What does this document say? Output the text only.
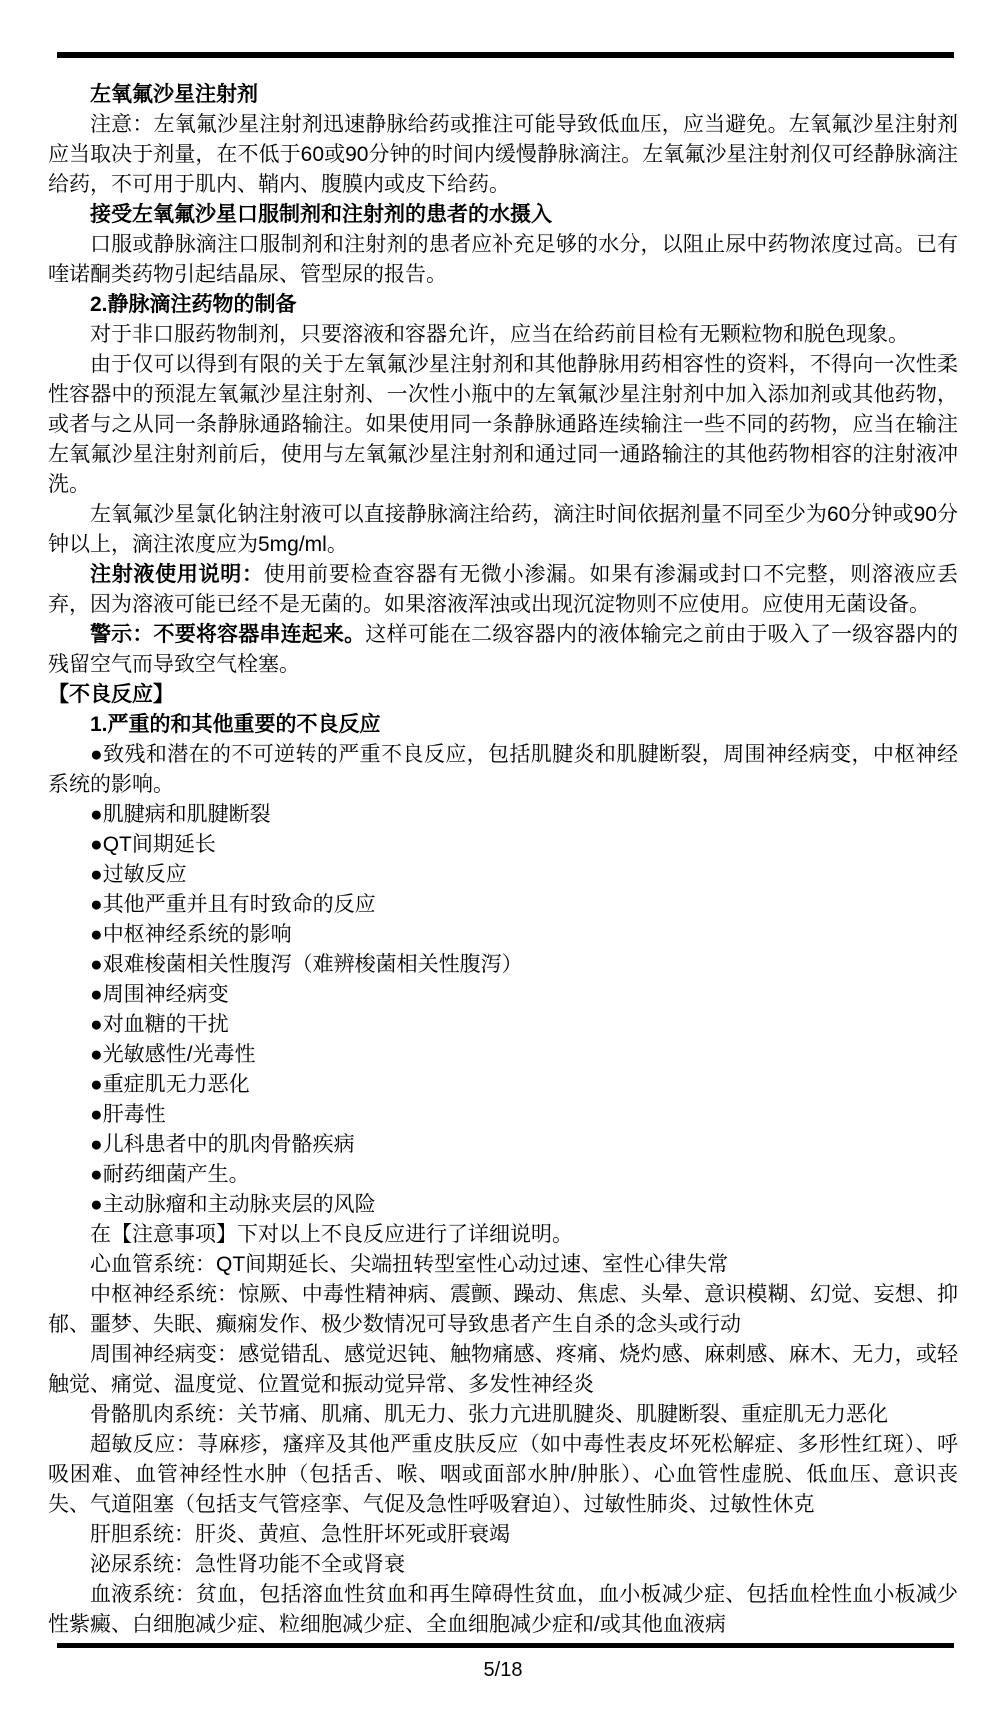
左氧氟沙星注射剂

注意：左氧氟沙星注射剂迅速静脉给药或推注可能导致低血压，应当避免。左氧氟沙星注射剂应当取决于剂量，在不低于60或90分钟的时间内缓慢静脉滴注。左氧氟沙星注射剂仅可经静脉滴注给药，不可用于肌内、鞘内、腹膜内或皮下给药。

接受左氧氟沙星口服制剂和注射剂的患者的水摄入

口服或静脉滴注口服制剂和注射剂的患者应补充足够的水分，以阻止尿中药物浓度过高。已有喹诺酮类药物引起结晶尿、管型尿的报告。

2.静脉滴注药物的制备

对于非口服药物制剂，只要溶液和容器允许，应当在给药前目检有无颗粒物和脱色现象。

由于仅可以得到有限的关于左氧氟沙星注射剂和其他静脉用药相容性的资料，不得向一次性柔性容器中的预混左氧氟沙星注射剂、一次性小瓶中的左氧氟沙星注射剂中加入添加剂或其他药物，或者与之从同一条静脉通路输注。如果使用同一条静脉通路连续输注一些不同的药物，应当在输注左氧氟沙星注射剂前后，使用与左氧氟沙星注射剂和通过同一通路输注的其他药物相容的注射液冲洗。

左氧氟沙星氯化钠注射液可以直接静脉滴注给药，滴注时间依据剂量不同至少为60分钟或90分钟以上，滴注浓度应为5mg/ml。

注射液使用说明：使用前要检查容器有无微小渗漏。如果有渗漏或封口不完整，则溶液应丢弃，因为溶液可能已经不是无菌的。如果溶液浑浊或出现沉淀物则不应使用。应使用无菌设备。

警示：不要将容器串连起来。这样可能在二级容器内的液体输完之前由于吸入了一级容器内的残留空气而导致空气栓塞。

【不良反应】

1.严重的和其他重要的不良反应

●致残和潜在的不可逆转的严重不良反应，包括肌腱炎和肌腱断裂，周围神经病变，中枢神经系统的影响。

●肌腱病和肌腱断裂

●QT间期延长

●过敏反应

●其他严重并且有时致命的反应

●中枢神经系统的影响

●艰难梭菌相关性腹泻（难辨梭菌相关性腹泻）

●周围神经病变

●对血糖的干扰

●光敏感性/光毒性

●重症肌无力恶化

●肝毒性

●儿科患者中的肌肉骨骼疾病

●耐药细菌产生。

●主动脉瘤和主动脉夹层的风险

在【注意事项】下对以上不良反应进行了详细说明。

心血管系统：QT间期延长、尖端扭转型室性心动过速、室性心律失常

中枢神经系统：惊厥、中毒性精神病、震颤、躁动、焦虑、头晕、意识模糊、幻觉、妄想、抑郁、噩梦、失眠、癫痫发作、极少数情况可导致患者产生自杀的念头或行动

周围神经病变：感觉错乱、感觉迟钝、触物痛感、疼痛、烧灼感、麻刺感、麻木、无力，或轻触觉、痛觉、温度觉、位置觉和振动觉异常、多发性神经炎

骨骼肌肉系统：关节痛、肌痛、肌无力、张力亢进肌腱炎、肌腱断裂、重症肌无力恶化

超敏反应：荨麻疹，瘙痒及其他严重皮肤反应（如中毒性表皮坏死松解症、多形性红斑）、呼吸困难、血管神经性水肿（包括舌、喉、咽或面部水肿/肿胀）、心血管性虚脱、低血压、意识丧失、气道阻塞（包括支气管痉挛、气促及急性呼吸窘迫）、过敏性肺炎、过敏性休克

肝胆系统：肝炎、黄疸、急性肝坏死或肝衰竭

泌尿系统：急性肾功能不全或肾衰

血液系统：贫血，包括溶血性贫血和再生障碍性贫血，血小板减少症、包括血栓性血小板减少性紫癜、白细胞减少症、粒细胞减少症、全血细胞减少症和/或其他血液病

5/18
